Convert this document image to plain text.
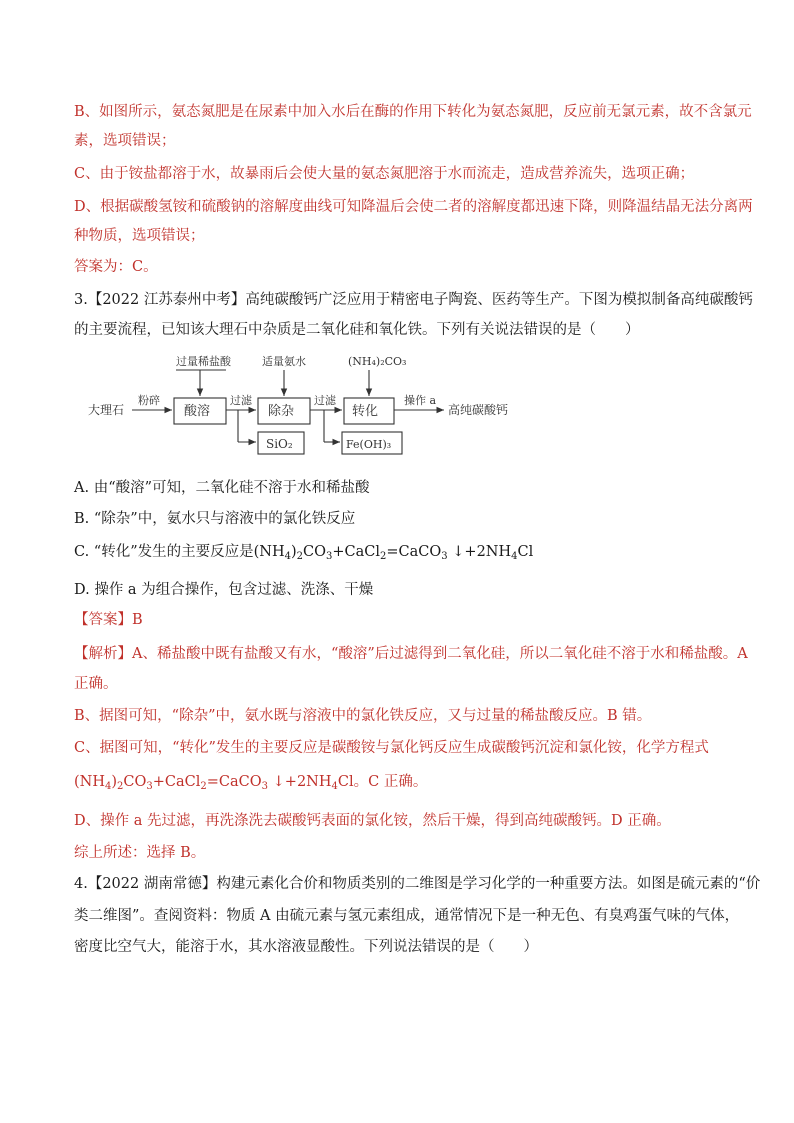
B、如图所示，氨态氮肥是在尿素中加入水后在酶的作用下转化为氨态氮肥，反应前无氯元素，故不含氯元
素，选项错误；
C、由于铵盐都溶于水，故暴雨后会使大量的氨态氮肥溶于水而流走，造成营养流失，选项正确；
D、根据碳酸氢铵和硫酸钠的溶解度曲线可知降温后会使二者的溶解度都迅速下降，则降温结晶无法分离两
种物质，选项错误；
答案为：C。
3.【2022 江苏泰州中考】高纯碳酸钙广泛应用于精密电子陶瓷、医药等生产。下图为模拟制备高纯碳酸钙
的主要流程，已知该大理石中杂质是二氧化硅和氧化铁。下列有关说法错误的是（　　）
大理石
粉碎
酸溶
过量稀盐酸
过滤
除杂
适量氨水
过滤
转化
(NH₄)₂CO₃
操作 a
高纯碳酸钙
SiO₂	Fe(OH)₃
A. 由“酸溶”可知，二氧化硅不溶于水和稀盐酸
B. “除杂”中，氨水只与溶液中的氯化铁反应
C. “转化”发生的主要反应是$(NH_4)_2CO_3+CaCl_2=CaCO_3$ $↓+2NH_4Cl$
D. 操作 a 为组合操作，包含过滤、洗涤、干燥
【答案】B
【解析】A、稀盐酸中既有盐酸又有水，“酸溶”后过滤得到二氧化硅，所以二氧化硅不溶于水和稀盐酸。A
正确。
B、据图可知，“除杂”中，氨水既与溶液中的氯化铁反应，又与过量的稀盐酸反应。B 错。
C、据图可知，“转化”发生的主要反应是碳酸铵与氯化钙反应生成碳酸钙沉淀和氯化铵，化学方程式
$(NH_4)_2CO_3+CaCl_2=CaCO_3$ $↓+2NH_4Cl$。C 正确。
D、操作 a 先过滤，再洗涤洗去碳酸钙表面的氯化铵，然后干燥，得到高纯碳酸钙。D 正确。
综上所述：选择 B。
4.【2022 湖南常德】构建元素化合价和物质类别的二维图是学习化学的一种重要方法。如图是硫元素的“价
类二维图”。查阅资料：物质 A 由硫元素与氢元素组成，通常情况下是一种无色、有臭鸡蛋气味的气体，
密度比空气大，能溶于水，其水溶液显酸性。下列说法错误的是（　　）
